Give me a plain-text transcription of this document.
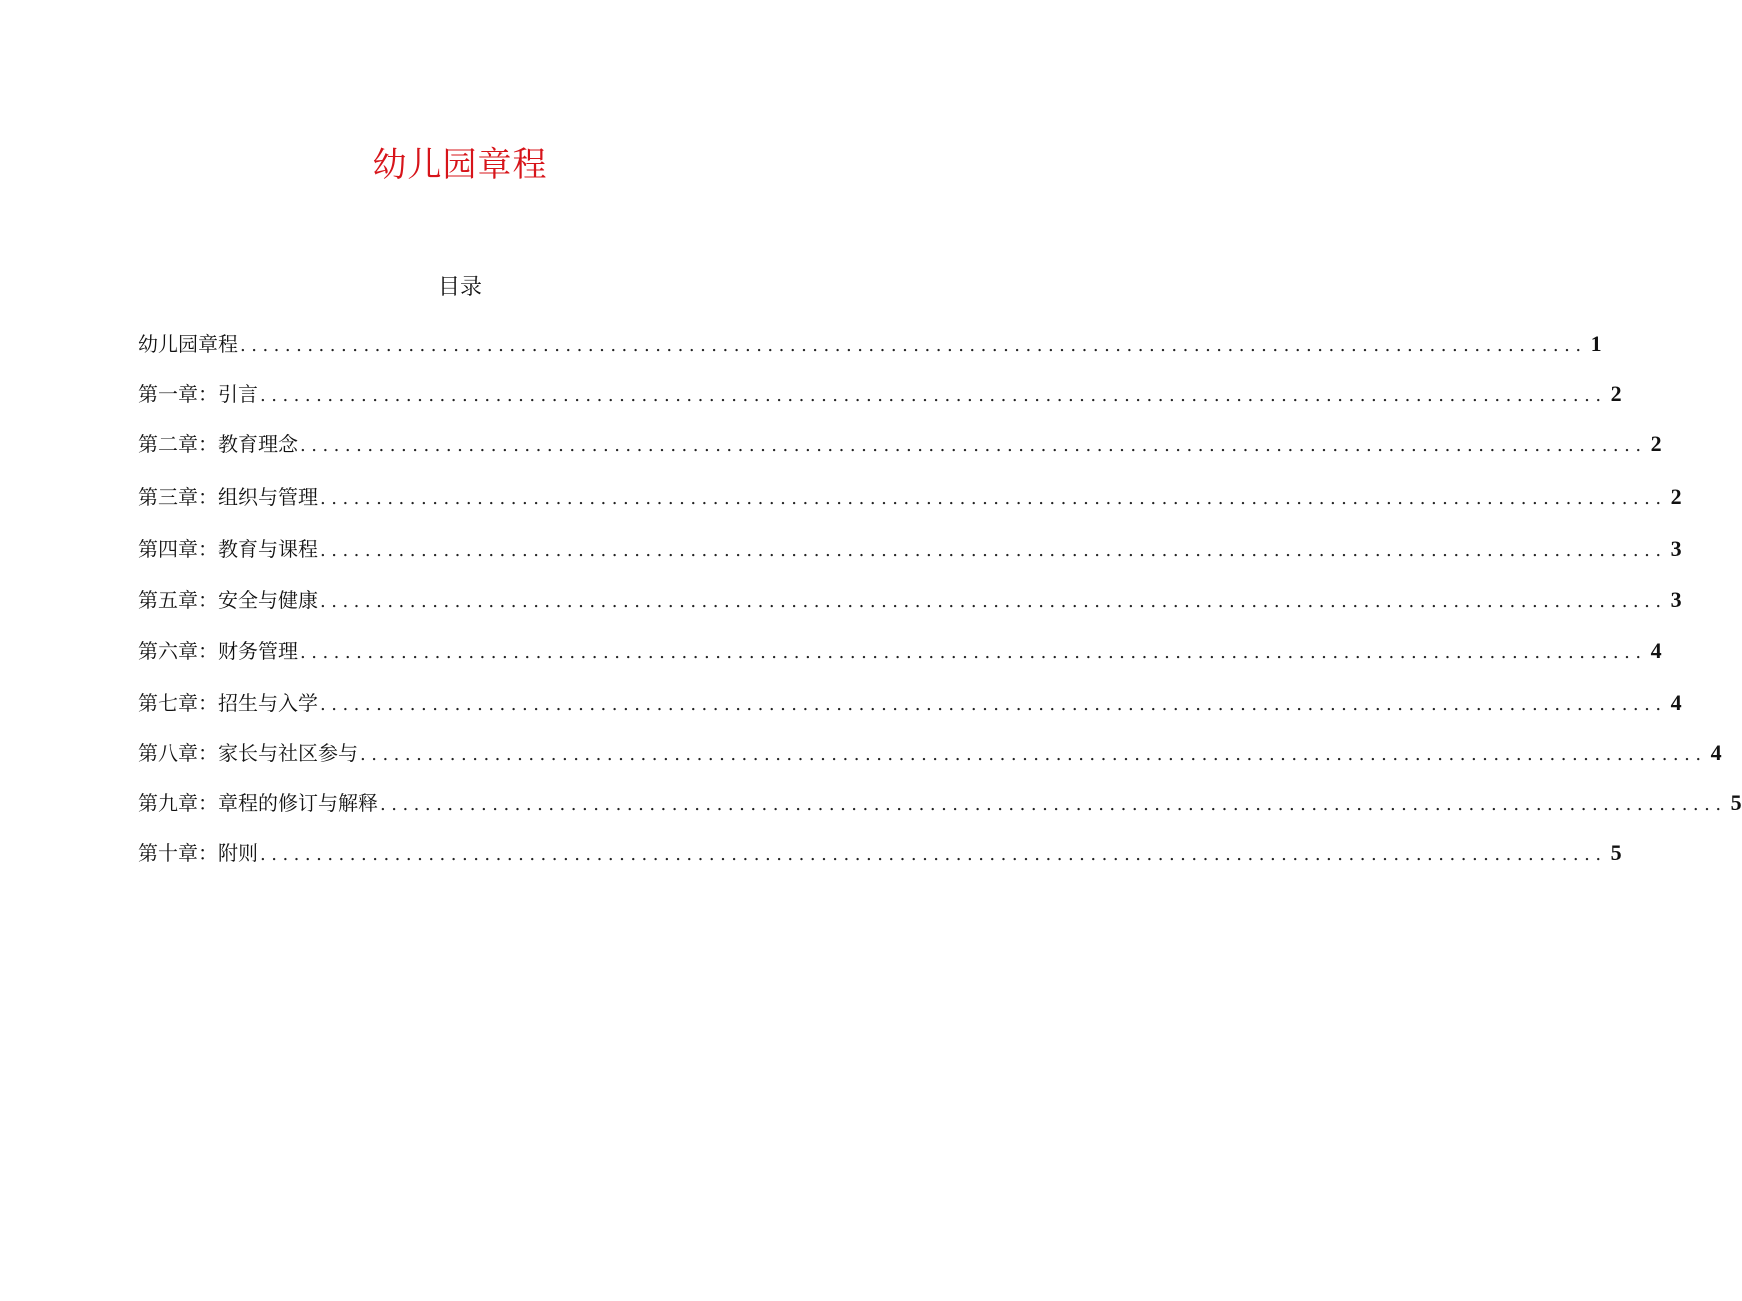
幼儿园章程
目录
幼儿园章程 ........................................................................................................................ 1
第一章：引言 ........................................................................................................................ 2
第二章：教育理念 ........................................................................................................................ 2
第三章：组织与管理 ........................................................................................................................ 2
第四章：教育与课程 ........................................................................................................................ 3
第五章：安全与健康 ........................................................................................................................ 3
第六章：财务管理 ........................................................................................................................ 4
第七章：招生与入学 ........................................................................................................................ 4
第八章：家长与社区参与 ........................................................................................................................ 4
第九章：章程的修订与解释 ........................................................................................................................ 5
第十章：附则 ........................................................................................................................ 5
